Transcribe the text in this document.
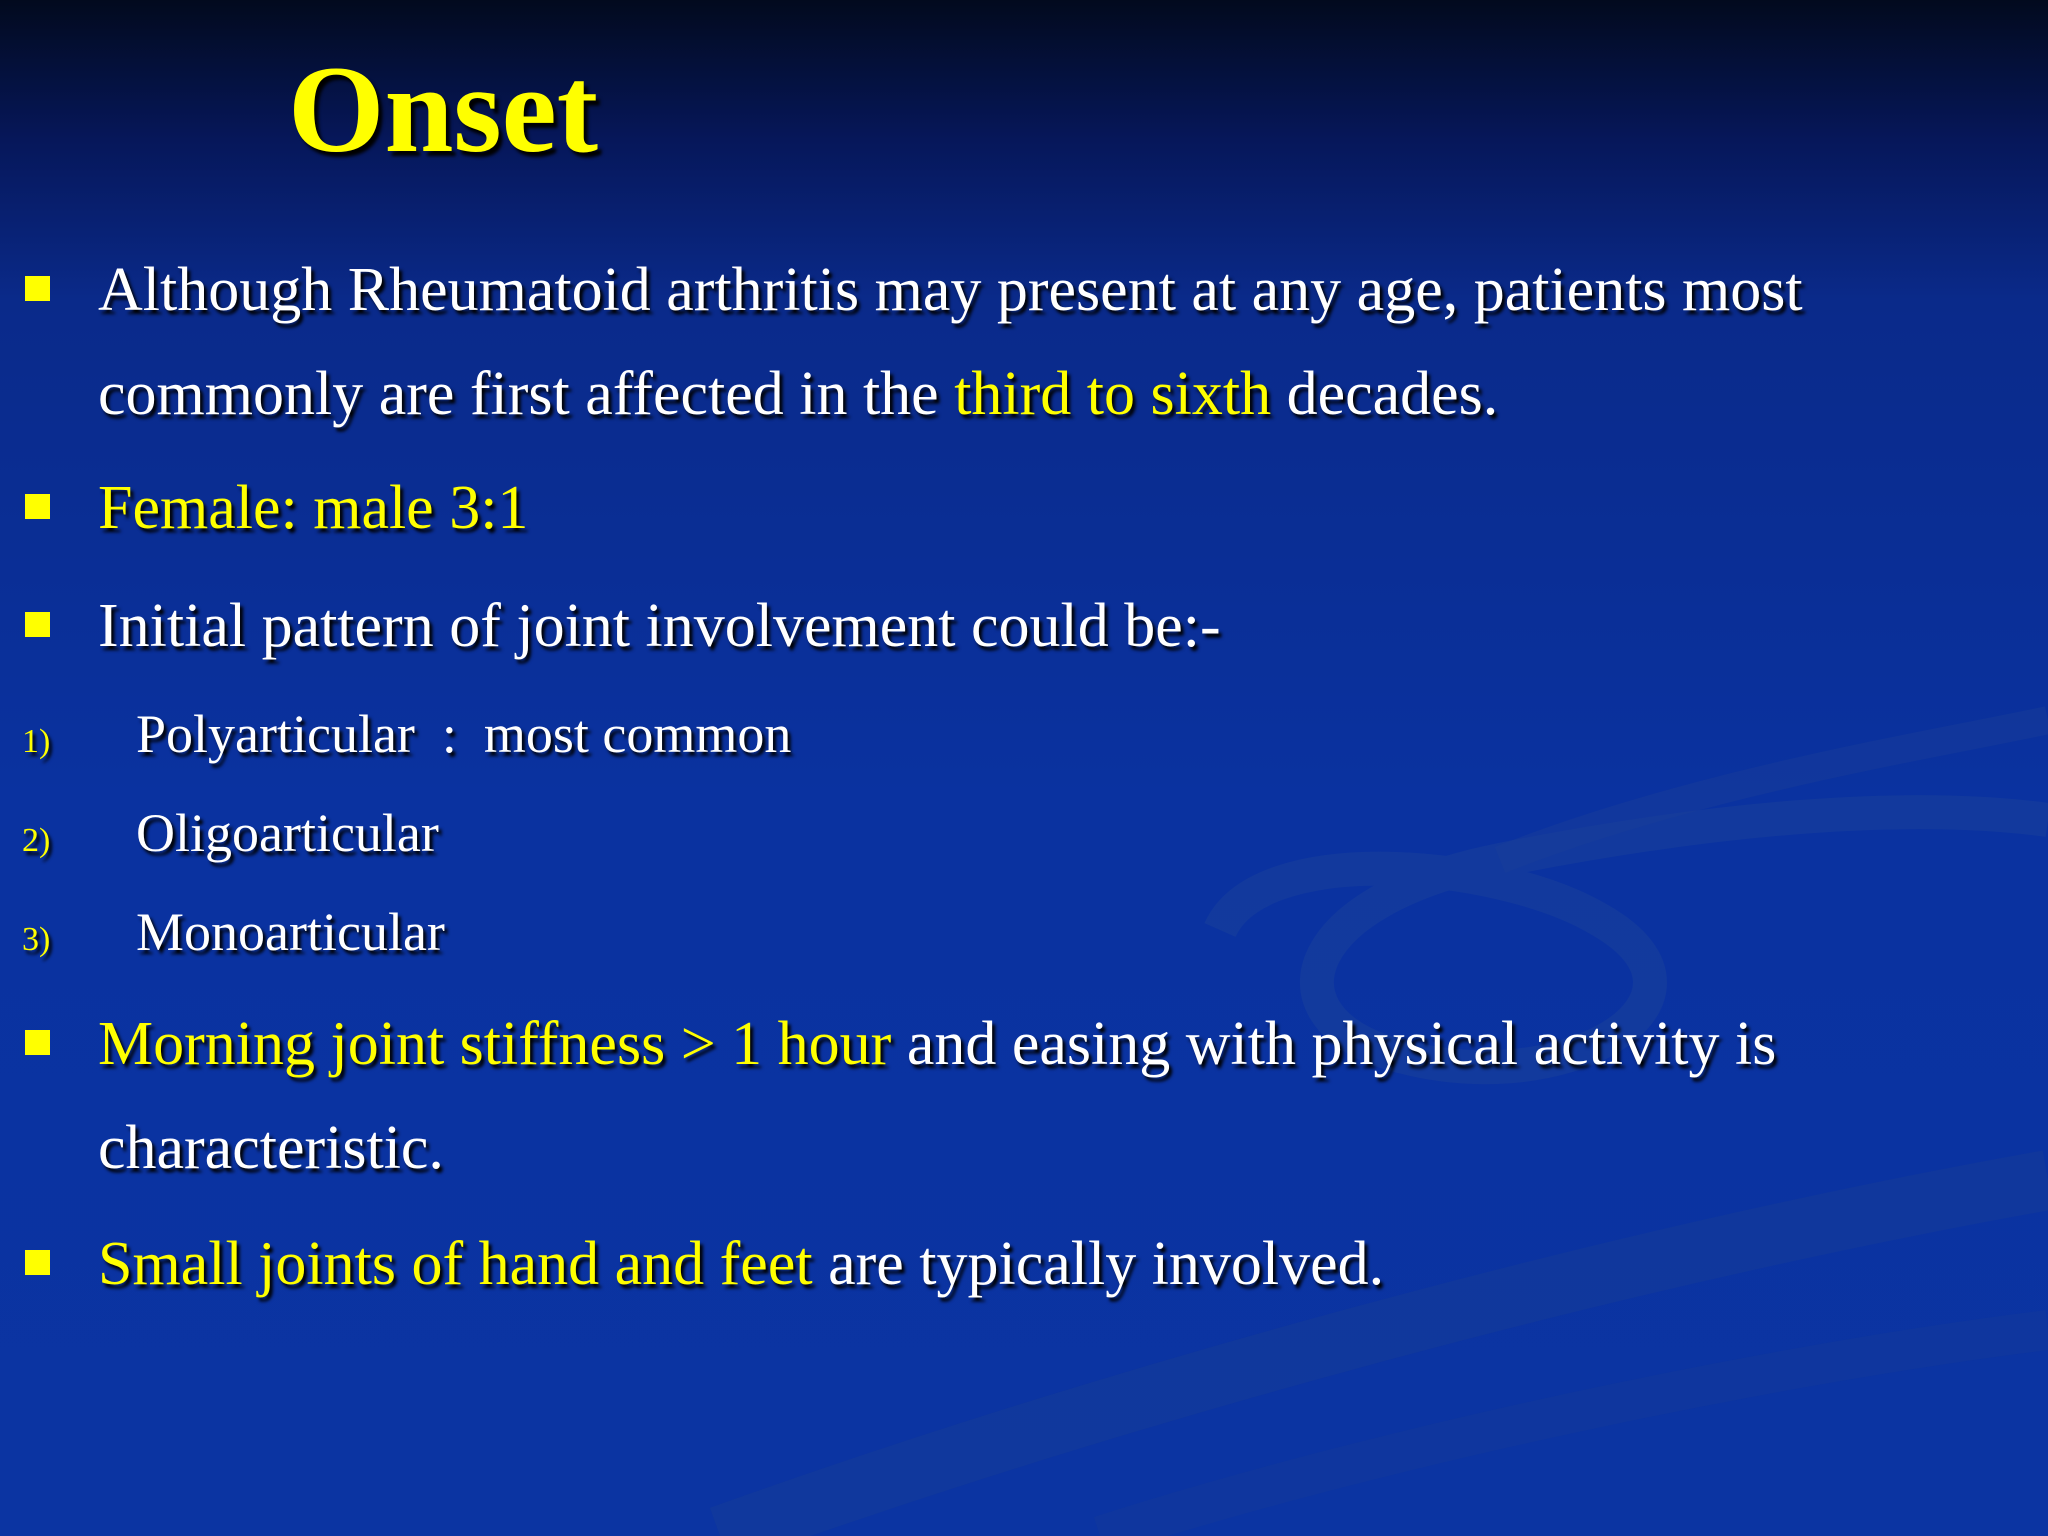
Onset
Although Rheumatoid arthritis may present at any age, patients most
commonly are first affected in the third to sixth decades.
Female: male 3:1
Initial pattern of joint involvement could be:-
1) Polyarticular  :  most common
2) Oligoarticular
3) Monoarticular
Morning joint stiffness > 1 hour and easing with physical activity is
characteristic.
Small joints of hand and feet are typically involved.
